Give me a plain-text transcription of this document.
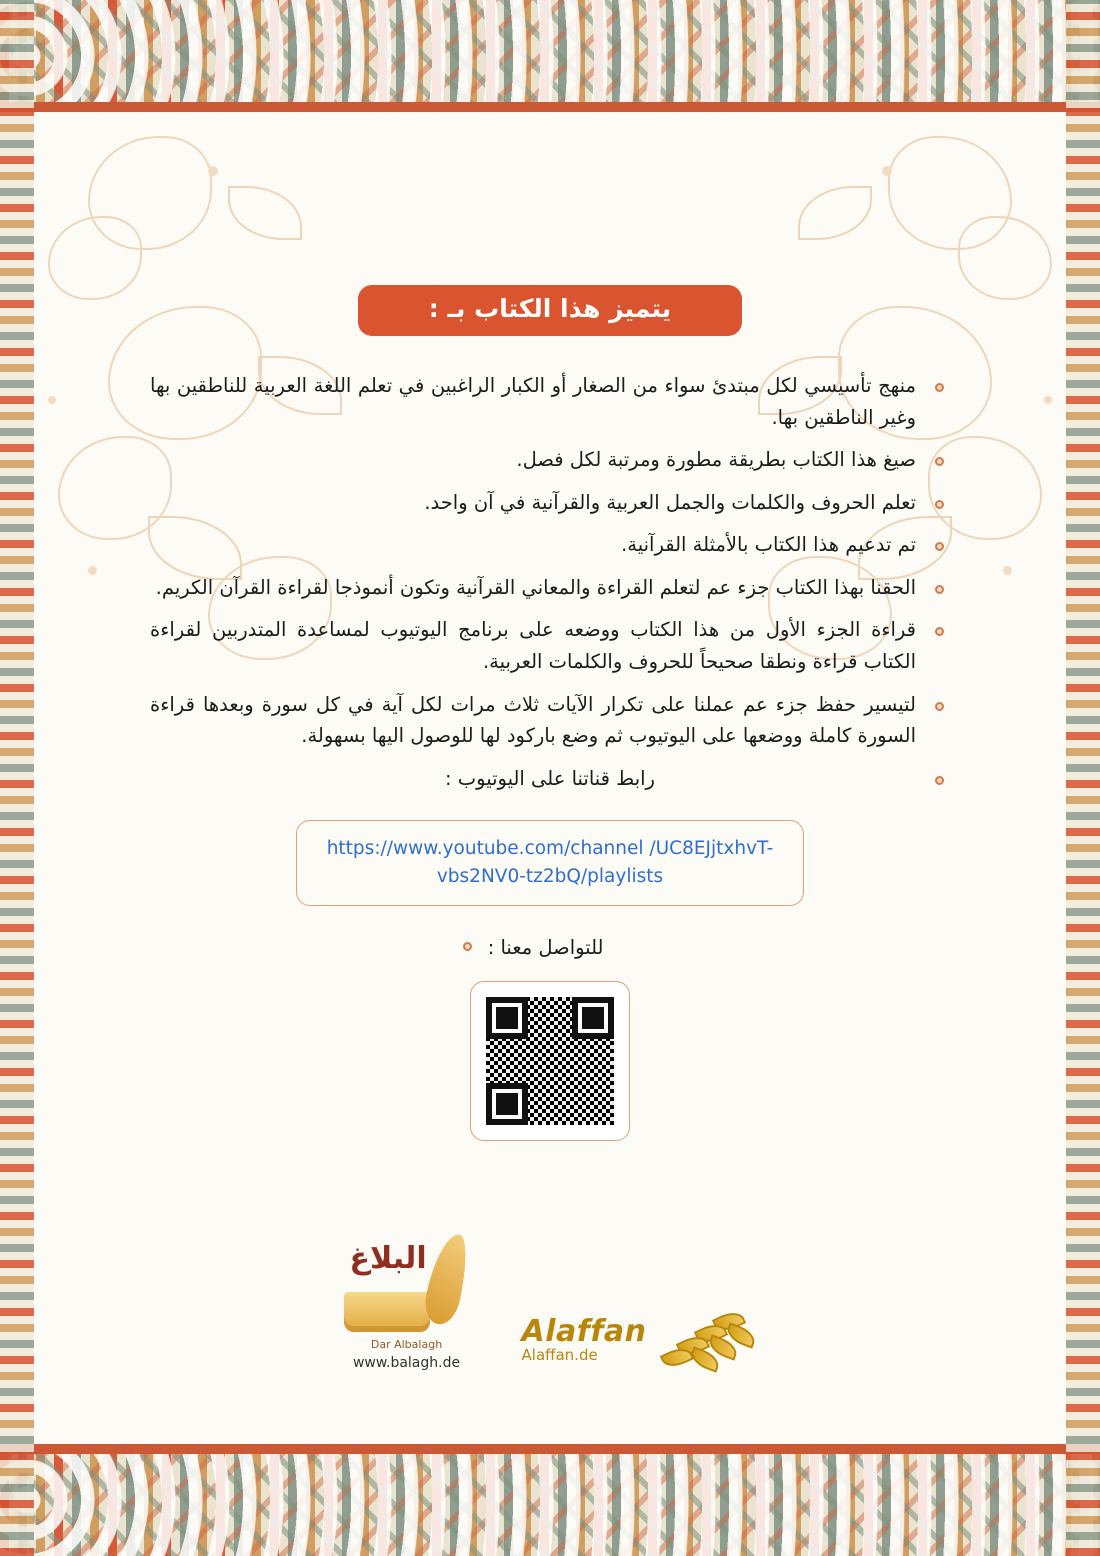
يتميز هذا الكتاب بـ :
منهج تأسيسي لكل مبتدئ سواء من الصغار أو الكبار الراغبين في تعلم اللغة العربية للناطقين بها وغير الناطقين بها.
صيغ هذا الكتاب بطريقة مطورة ومرتبة لكل فصل.
تعلم الحروف والكلمات والجمل العربية والقرآنية في آن واحد.
تم تدعيم هذا الكتاب بالأمثلة القرآنية.
الحقنا بهذا الكتاب جزء عم لتعلم القراءة والمعاني القرآنية وتكون أنموذجا لقراءة القرآن الكريم.
قراءة الجزء الأول من هذا الكتاب ووضعه على برنامج اليوتيوب لمساعدة المتدربين لقراءة الكتاب قراءة ونطقا صحيحاً للحروف والكلمات العربية.
لتيسير حفظ جزء عم عملنا على تكرار الآيات ثلاث مرات لكل آية في كل سورة وبعدها قراءة السورة كاملة ووضعها على اليوتيوب ثم وضع باركود لها للوصول اليها بسهولة.
رابط قناتنا على اليوتيوب :
https://www.youtube.com/channel /UC8EJjtxhvT-vbs2NV0-tz2bQ/playlists
للتواصل معنا :
Alaffan
Alaffan.de
البلاغ
Dar Albalagh
www.balagh.de
